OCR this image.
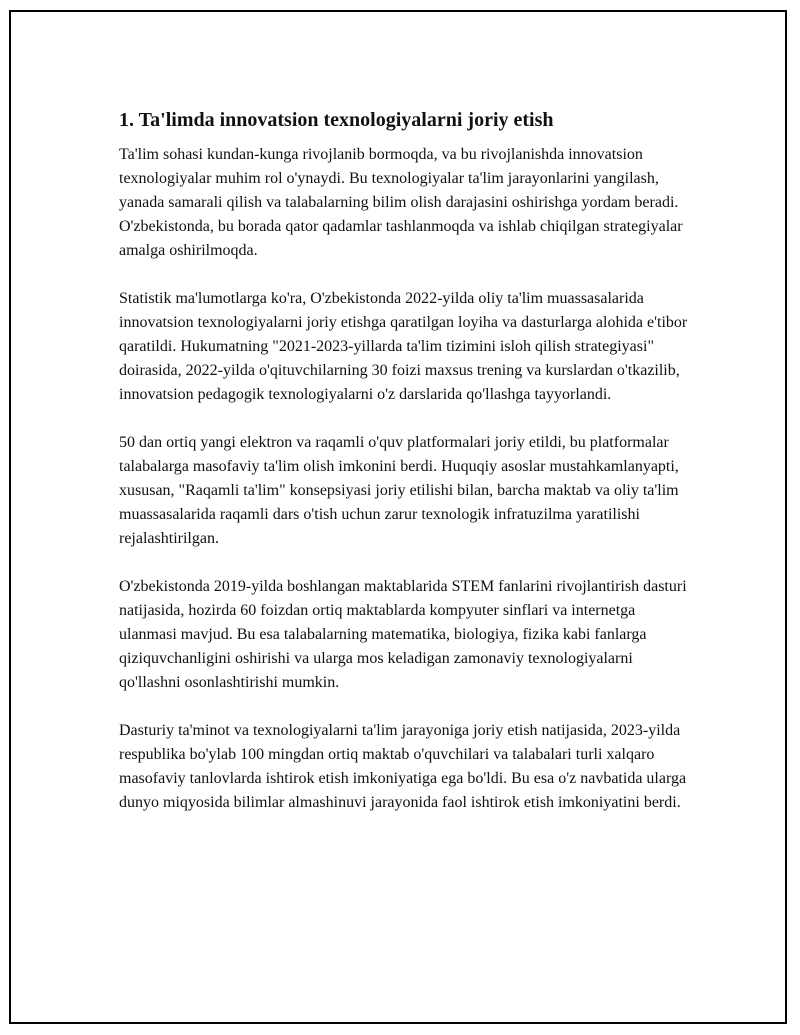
1. Ta'limda innovatsion texnologiyalarni joriy etish

Ta'lim sohasi kundan-kunga rivojlanib bormoqda, va bu rivojlanishda innovatsion texnologiyalar muhim rol o'ynaydi. Bu texnologiyalar ta'lim jarayonlarini yangilash, yanada samarali qilish va talabalarning bilim olish darajasini oshirishga yordam beradi. O'zbekistonda, bu borada qator qadamlar tashlanmoqda va ishlab chiqilgan strategiyalar amalga oshirilmoqda.

Statistik ma'lumotlarga ko'ra, O'zbekistonda 2022-yilda oliy ta'lim muassasalarida innovatsion texnologiyalarni joriy etishga qaratilgan loyiha va dasturlarga alohida e'tibor qaratildi. Hukumatning "2021-2023-yillarda ta'lim tizimini isloh qilish strategiyasi" doirasida, 2022-yilda o'qituvchilarning 30 foizi maxsus trening va kurslardan o'tkazilib, innovatsion pedagogik texnologiyalarni o'z darslarida qo'llashga tayyorlandi.

50 dan ortiq yangi elektron va raqamli o'quv platformalari joriy etildi, bu platformalar talabalarga masofaviy ta'lim olish imkonini berdi. Huquqiy asoslar mustahkamlanyapti, xususan, "Raqamli ta'lim" konsepsiyasi joriy etilishi bilan, barcha maktab va oliy ta'lim muassasalarida raqamli dars o'tish uchun zarur texnologik infratuzilma yaratilishi rejalashtirilgan.

O'zbekistonda 2019-yilda boshlangan maktablarida STEM fanlarini rivojlantirish dasturi natijasida, hozirda 60 foizdan ortiq maktablarda kompyuter sinflari va internetga ulanmasi mavjud. Bu esa talabalarning matematika, biologiya, fizika kabi fanlarga qiziquvchanligini oshirishi va ularga mos keladigan zamonaviy texnologiyalarni qo'llashni osonlashtirishi mumkin.

Dasturiy ta'minot va texnologiyalarni ta'lim jarayoniga joriy etish natijasida, 2023-yilda respublika bo'ylab 100 mingdan ortiq maktab o'quvchilari va talabalari turli xalqaro masofaviy tanlovlarda ishtirok etish imkoniyatiga ega bo'ldi. Bu esa o'z navbatida ularga dunyo miqyosida bilimlar almashinuvi jarayonida faol ishtirok etish imkoniyatini berdi.
